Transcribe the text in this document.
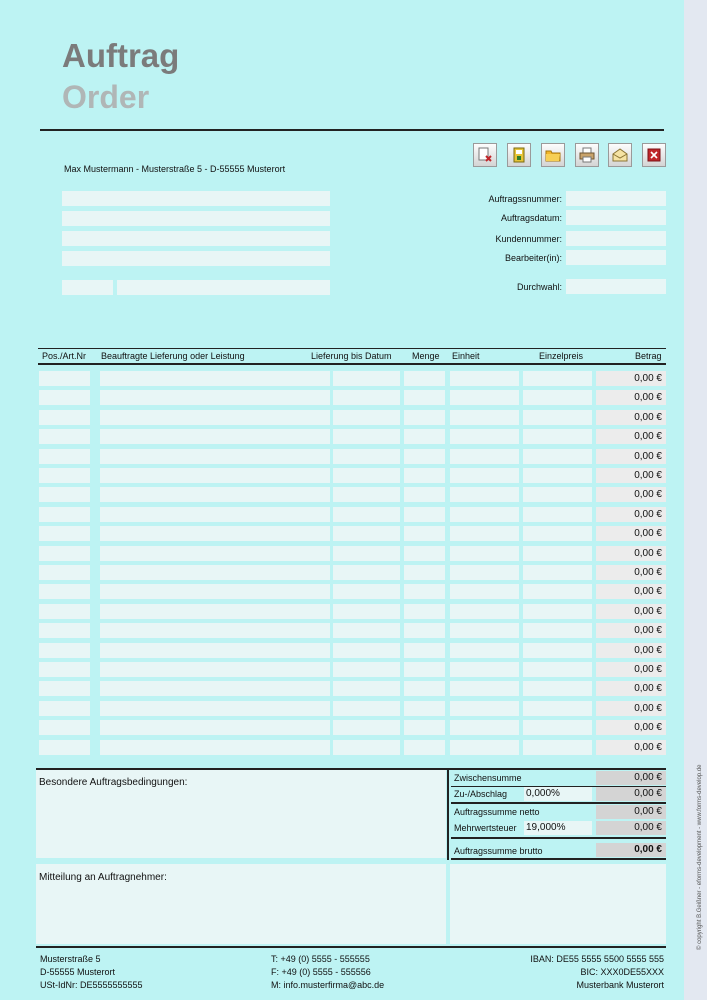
© copyright B.Geißner - eforms-development - www.forms-develop.de
Auftrag
Order
Max Mustermann - Musterstraße 5 - D-55555 Musterort
Auftragssnummer:
Auftragsdatum:
Kundennummer:
Bearbeiter(in):
Durchwahl:
Pos./Art.Nr Beauftragte Lieferung oder Leistung	Lieferung bis Datum Menge Einheit	Einzelpreis	Betrag
0,00 €
0,00 €
0,00 €
0,00 €
0,00 €
0,00 €
0,00 €
0,00 €
0,00 €
0,00 €
0,00 €
0,00 €
0,00 €
0,00 €
0,00 €
0,00 €
0,00 €
0,00 €
0,00 €
0,00 €
Besondere Auftragsbedingungen:	Zwischensumme	0,00 €
Zu-/Abschlag 0,000%	0,00 €
Auftragssumme netto	0,00 €
Mehrwertsteuer 19,000%	0,00 €
Auftragssumme brutto	0,00 €
Mitteilung an Auftragnehmer:
Musterstraße 5
D-55555 Musterort
USt-IdNr: DE5555555555
T: +49 (0) 5555 - 555555
F: +49 (0) 5555 - 555556
M: info.musterfirma@abc.de
IBAN: DE55 5555 5500 5555 555
BIC: XXX0DE55XXX
Musterbank Musterort
